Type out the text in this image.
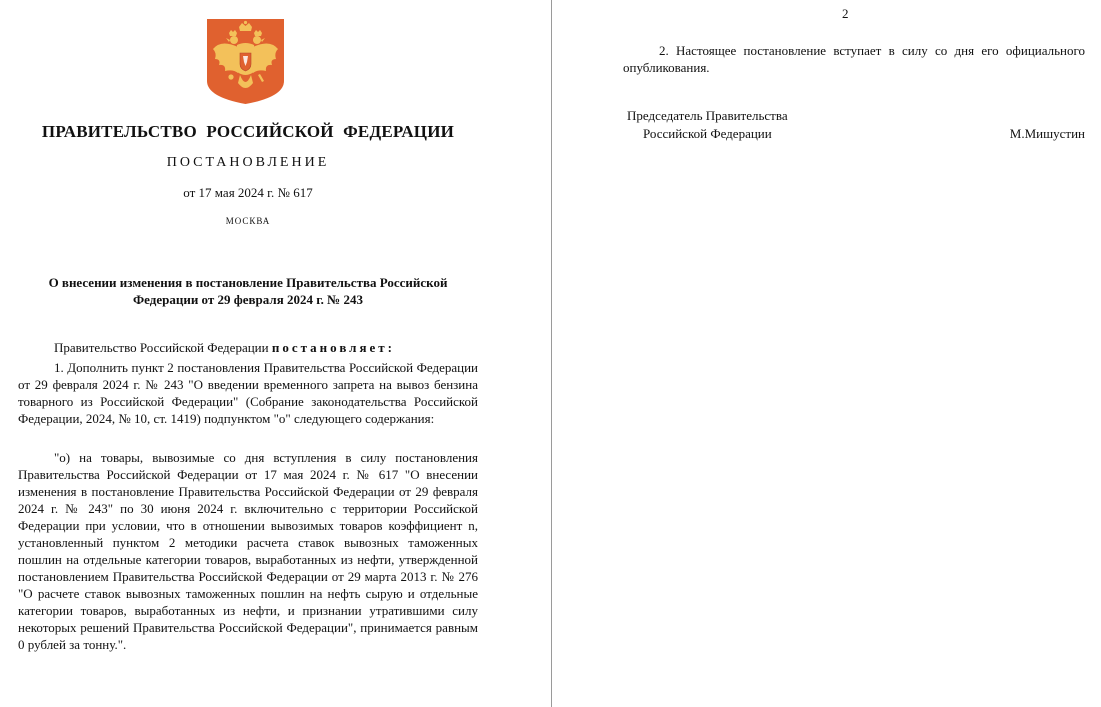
ПРАВИТЕЛЬСТВО РОССИЙСКОЙ ФЕДЕРАЦИИ
ПОСТАНОВЛЕНИЕ
от 17 мая 2024 г. № 617
МОСКВА
О внесении изменения в постановление Правительства Российской Федерации от 29 февраля 2024 г. № 243

Правительство Российской Федерации постановляет:

1. Дополнить пункт 2 постановления Правительства Российской Федерации от 29 февраля 2024 г. № 243 "О введении временного запрета на вывоз бензина товарного из Российской Федерации" (Собрание законодательства Российской Федерации, 2024, № 10, ст. 1419) подпунктом "о" следующего содержания:

"о) на товары, вывозимые со дня вступления в силу постановления Правительства Российской Федерации от 17 мая 2024 г. № 617 "О внесении изменения в постановление Правительства Российской Федерации от 29 февраля 2024 г. № 243" по 30 июня 2024 г. включительно с территории Российской Федерации при условии, что в отношении вывозимых товаров коэффициент n, установленный пунктом 2 методики расчета ставок вывозных таможенных пошлин на отдельные категории товаров, выработанных из нефти, утвержденной постановлением Правительства Российской Федерации от 29 марта 2013 г. № 276 "О расчете ставок вывозных таможенных пошлин на нефть сырую и отдельные категории товаров, выработанных из нефти, и признании утратившими силу некоторых решений Правительства Российской Федерации", принимается равным 0 рублей за тонну.".

2

2. Настоящее постановление вступает в силу со дня его официального опубликования.

Председатель Правительства
Российской Федерации	М.Мишустин
